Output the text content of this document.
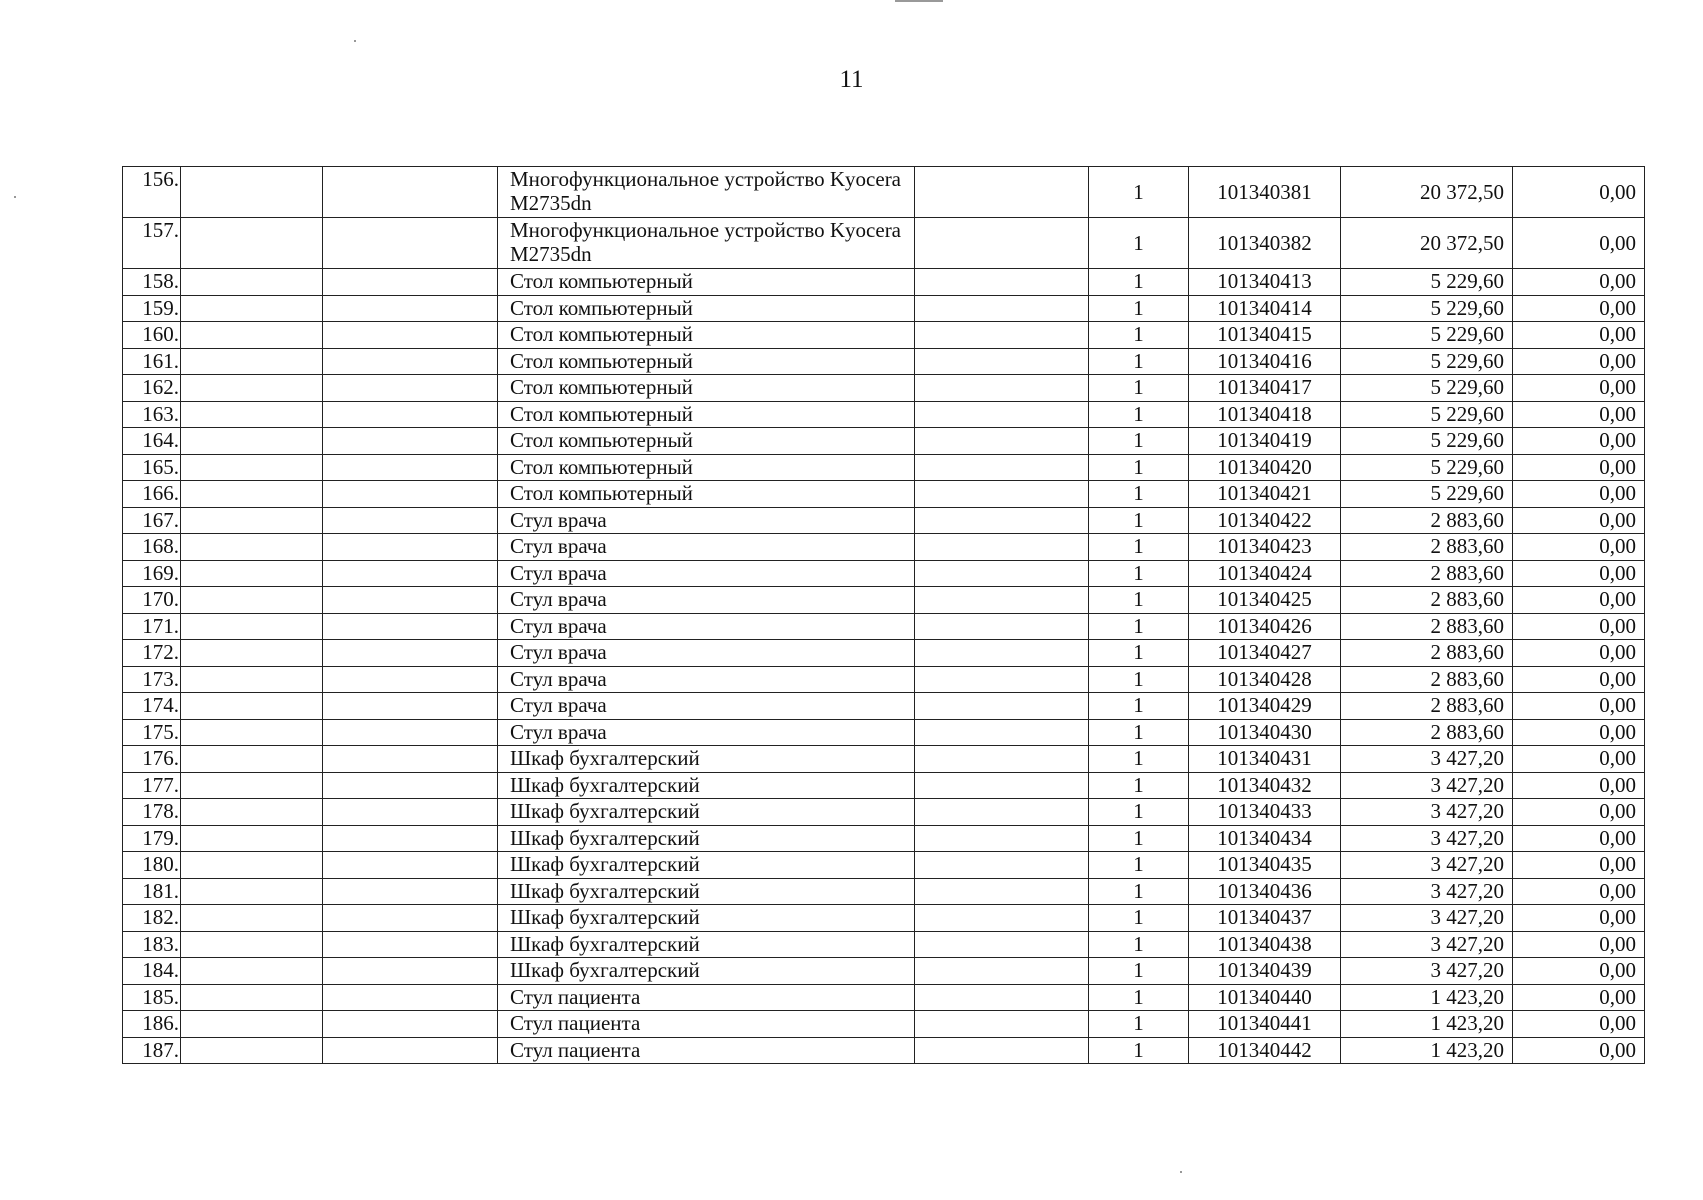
11
156.			Многофункциональное устройство Kyocera M2735dn		1	101340381	20 372,50	0,00
157.			Многофункциональное устройство Kyocera M2735dn		1	101340382	20 372,50	0,00
158.			Стол компьютерный		1	101340413	5 229,60	0,00
159.			Стол компьютерный		1	101340414	5 229,60	0,00
160.			Стол компьютерный		1	101340415	5 229,60	0,00
161.			Стол компьютерный		1	101340416	5 229,60	0,00
162.			Стол компьютерный		1	101340417	5 229,60	0,00
163.			Стол компьютерный		1	101340418	5 229,60	0,00
164.			Стол компьютерный		1	101340419	5 229,60	0,00
165.			Стол компьютерный		1	101340420	5 229,60	0,00
166.			Стол компьютерный		1	101340421	5 229,60	0,00
167.			Стул врача		1	101340422	2 883,60	0,00
168.			Стул врача		1	101340423	2 883,60	0,00
169.			Стул врача		1	101340424	2 883,60	0,00
170.			Стул врача		1	101340425	2 883,60	0,00
171.			Стул врача		1	101340426	2 883,60	0,00
172.			Стул врача		1	101340427	2 883,60	0,00
173.			Стул врача		1	101340428	2 883,60	0,00
174.			Стул врача		1	101340429	2 883,60	0,00
175.			Стул врача		1	101340430	2 883,60	0,00
176.			Шкаф бухгалтерский		1	101340431	3 427,20	0,00
177.			Шкаф бухгалтерский		1	101340432	3 427,20	0,00
178.			Шкаф бухгалтерский		1	101340433	3 427,20	0,00
179.			Шкаф бухгалтерский		1	101340434	3 427,20	0,00
180.			Шкаф бухгалтерский		1	101340435	3 427,20	0,00
181.			Шкаф бухгалтерский		1	101340436	3 427,20	0,00
182.			Шкаф бухгалтерский		1	101340437	3 427,20	0,00
183.			Шкаф бухгалтерский		1	101340438	3 427,20	0,00
184.			Шкаф бухгалтерский		1	101340439	3 427,20	0,00
185.			Стул пациента		1	101340440	1 423,20	0,00
186.			Стул пациента		1	101340441	1 423,20	0,00
187.			Стул пациента		1	101340442	1 423,20	0,00
